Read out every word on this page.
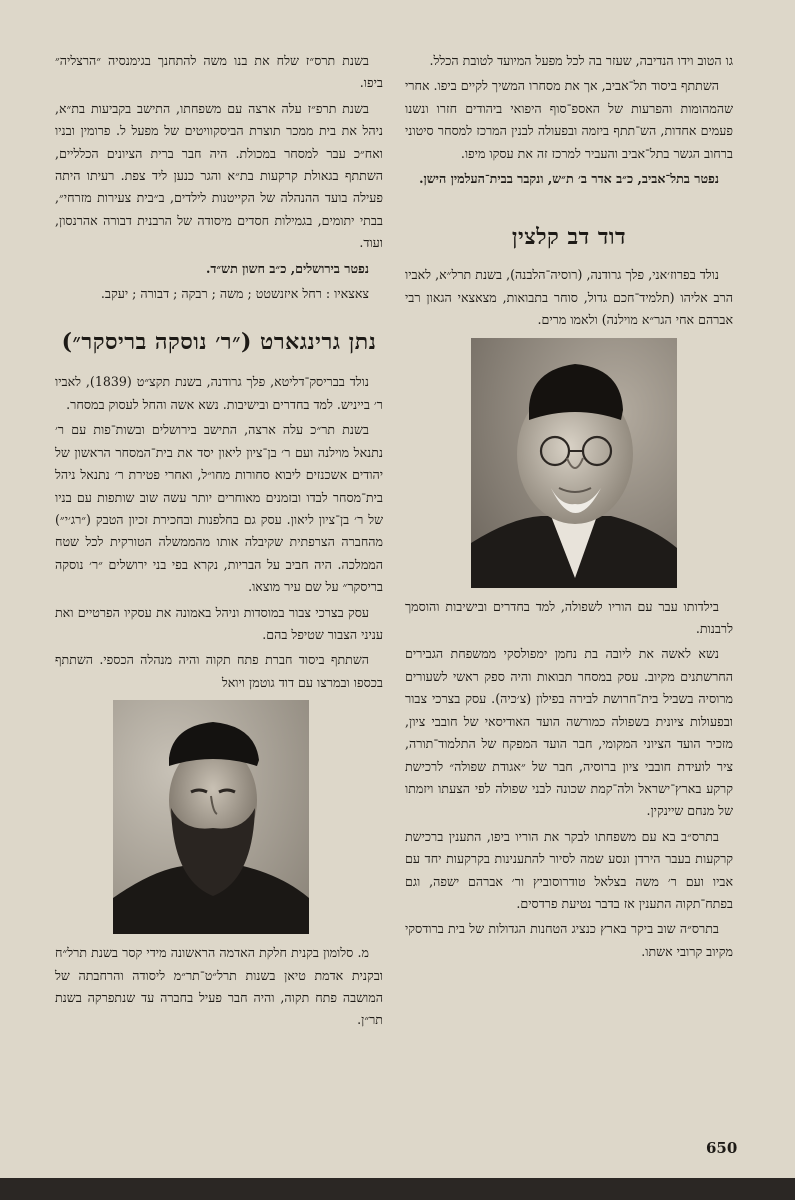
גו הטוב וידו הנדיבה, שעזר בה לכל מפעל המיועד לטובת הכלל.

השתתף ביסוד תל־אביב, אך את מסחרו המשיך לקיים ביפו. אחרי שהמהומות והפרעות של האספ־סוף היפואי ביהודים חזרו ונשנו פעמים אחדות, הש־תתף ביזמה ובפעולה לבנין המרכז למסחר סיטוני ברחוב הגשר בתל־אביב והעביר למרכז זה את עסקו מיפו.

נפטר בתל־אביב, כ״ב אדר ב׳ ת״ש, ונקבר בבית־העלמין הישן.

דוד דב קלצין

נולד בפרוז׳אני, פלך גרודנה, (רוסיה־הלבנה), בשנת תרל״א, לאביו הרב אליהו (תלמיד־חכם גדול, סוחר בתבואות, מצאצאי הגאון רבי אברהם אחי הגר״א מוילנה) ולאמו מרים.

בילדותו עבר עם הוריו לשפולה, למד בחדרים ובישיבות והוסמך לרבנות.

נשא לאשה את ליובה בת נחמן ימפולסקי ממשפחת הגבירים החרשתנים מקיוב. עסק במסחר תבואות והיה ספק ראשי לשעורים מרוסיה בשביל בית־חרושת לבירה בפילון (צ׳כיה). עסק בצרכי צבור ובפעולות ציונית בשפולה כמורשה הועד האודיסאי של חובבי ציון, מזכיר הועד הציוני המקומי, חבר הועד המפקח של התלמוד־תורה, ציר לועידת חובבי ציון ברוסיה, חבר של ״אגודת שפולה״ לרכישת קרקע בארץ־ישראל ולה־קמת שכונה לבני שפולה לפי הצעתו ויזמתו של מנחם שיינקין.

בתרס״ב בא עם משפחתו לבקר את הוריו ביפו, התענין ברכישת קרקעות בעבר הירדן ונסע שמה לסיור להתענינות בקרקעות יחד עם אביו ועם ר׳ משה בצלאל טודרוסוביץ ור׳ אברהם ישפה, וגם בפתח־תקוה התענין אז בדבר נטיעת פרדסים.

בתרס״ה שוב ביקר בארץ כנציג הטחנות הגדולות של בית ברודסקי מקיוב קרובי אשתו.

בשנת תרס״ז שלח את בנו משה להתחנך בגימנסיה ״הרצליה״ ביפו.

בשנת תרפ״ז עלה ארצה עם משפחתו, התישב בקביעות בת״א, ניהל את בית ממכר תוצרת הביסקוויטים של מפעל ל. פרומין ובניו ואח״כ עבר למסחר במכולת. היה חבר ברית הציונים הכלליים, השתתף בגאולת קרקעות בת״א והגר כנען ליד צפת. רעיתו היתה פעילה בועד ההנהלה של הקייטנות לילדים, ב״בית צעירות מזרחי״, בבתי יתומים, בגמילות חסדים מיסודה של הרבנית דבורה אהרנסון, ועוד.

נפטר בירושלים, כ״ב חשון תש״ד.

צאצאיו : רחל איזנשטט ; משה ; רבקה ; דבורה ; יעקב.

נתן גרינגארט (״ר׳ נוסקה בריסקר״)

נולד בבריסק־דליטא, פלך גרודנה, בשנת תקצ״ט (1839), לאביו ר׳ בייניש. למד בחדרים ובישיבות. נשא אשה והחל לעסוק במסחר.

בשנת תר״כ עלה ארצה, התישב בירושלים ובשות־פות עם ר׳ נתנאל מוילנה ועם ר׳ בן־ציון ליאון יסד את בית־המסחר הראשון של יהודים אשכנזים ליבוא סחורות מחו״ל, ואחרי פטירת ר׳ נתנאל ניהל בית־מסחר לבדו ובזמנים מאוחרים יותר עשה שוב שותפות עם בניו של ר׳ בן־ציון ליאון. עסק גם בחלפנות ובחכירת זכיון הטבק (״רג׳י״) מהחברה הצרפתית שקיבלה אותו מהממשלה הטורקית לכל שטח הממלכה. היה חביב על הבריות, נקרא בפי בני ירושלים ״ר׳ נוסקה בריסקר״ על שם עיר מוצאו.

עסק בצרכי צבור במוסדות וניהל באמונה את עסקיו הפרטיים ואת עניני הצבור שטיפל בהם.

השתתף ביסוד חברת פתח תקוה והיה מנהלה הכספי. השתתף בכספו ובמרצו עם דוד גוטמן ויואל

מ. סלומון בקנית חלקת האדמה הראשונה מידי קסר בשנת תרל״ח ובקנית אדמת טיאן בשנות תרל״ט־תר״מ ליסודה והרחבתה של המושבה פתח תקוה, והיה חבר פעיל בחברה עד שנתפרקה בשנת תר״ן.

650
